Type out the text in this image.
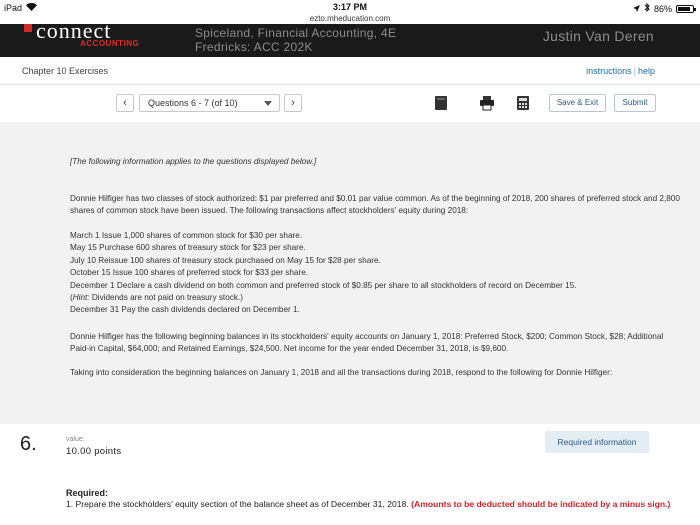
iPad	3:17 PM
ezto.mheducation.com
86%
connect
ACCOUNTING
Spiceland, Financial Accounting, 4E
Fredricks: ACC 202K
Justin Van Deren
Chapter 10 Exercises	instructions | help
‹	Questions 6 - 7 (of 10)	›	Save & Exit	Submit
[The following information applies to the questions displayed below.]
Donnie Hilfiger has two classes of stock authorized: $1 par preferred and $0.01 par value common. As of the beginning of 2018, 200 shares of preferred stock and 2,800 shares of common stock have been issued. The following transactions affect stockholders' equity during 2018:
March 1 Issue 1,000 shares of common stock for $30 per share.
May 15 Purchase 600 shares of treasury stock for $23 per share.
July 10 Reissue 100 shares of treasury stock purchased on May 15 for $28 per share.
October 15 Issue 100 shares of preferred stock for $33 per share.
December 1 Declare a cash dividend on both common and preferred stock of $0.85 per share to all stockholders of record on December 15.
(Hint: Dividends are not paid on treasury stock.)
December 31 Pay the cash dividends declared on December 1.
Donnie Hilfiger has the following beginning balances in its stockholders' equity accounts on January 1, 2018: Preferred Stock, $200; Common Stock, $28; Additional Paid-in Capital, $64,000; and Retained Earnings, $24,500. Net income for the year ended December 31, 2018, is $9,600.
Taking into consideration the beginning balances on January 1, 2018 and all the transactions during 2018, respond to the following for Donnie Hilfiger:
6.	value:
10.00 points
Required information
Required:
1. Prepare the stockholders' equity section of the balance sheet as of December 31, 2018. (Amounts to be deducted should be indicated by a minus sign.)
